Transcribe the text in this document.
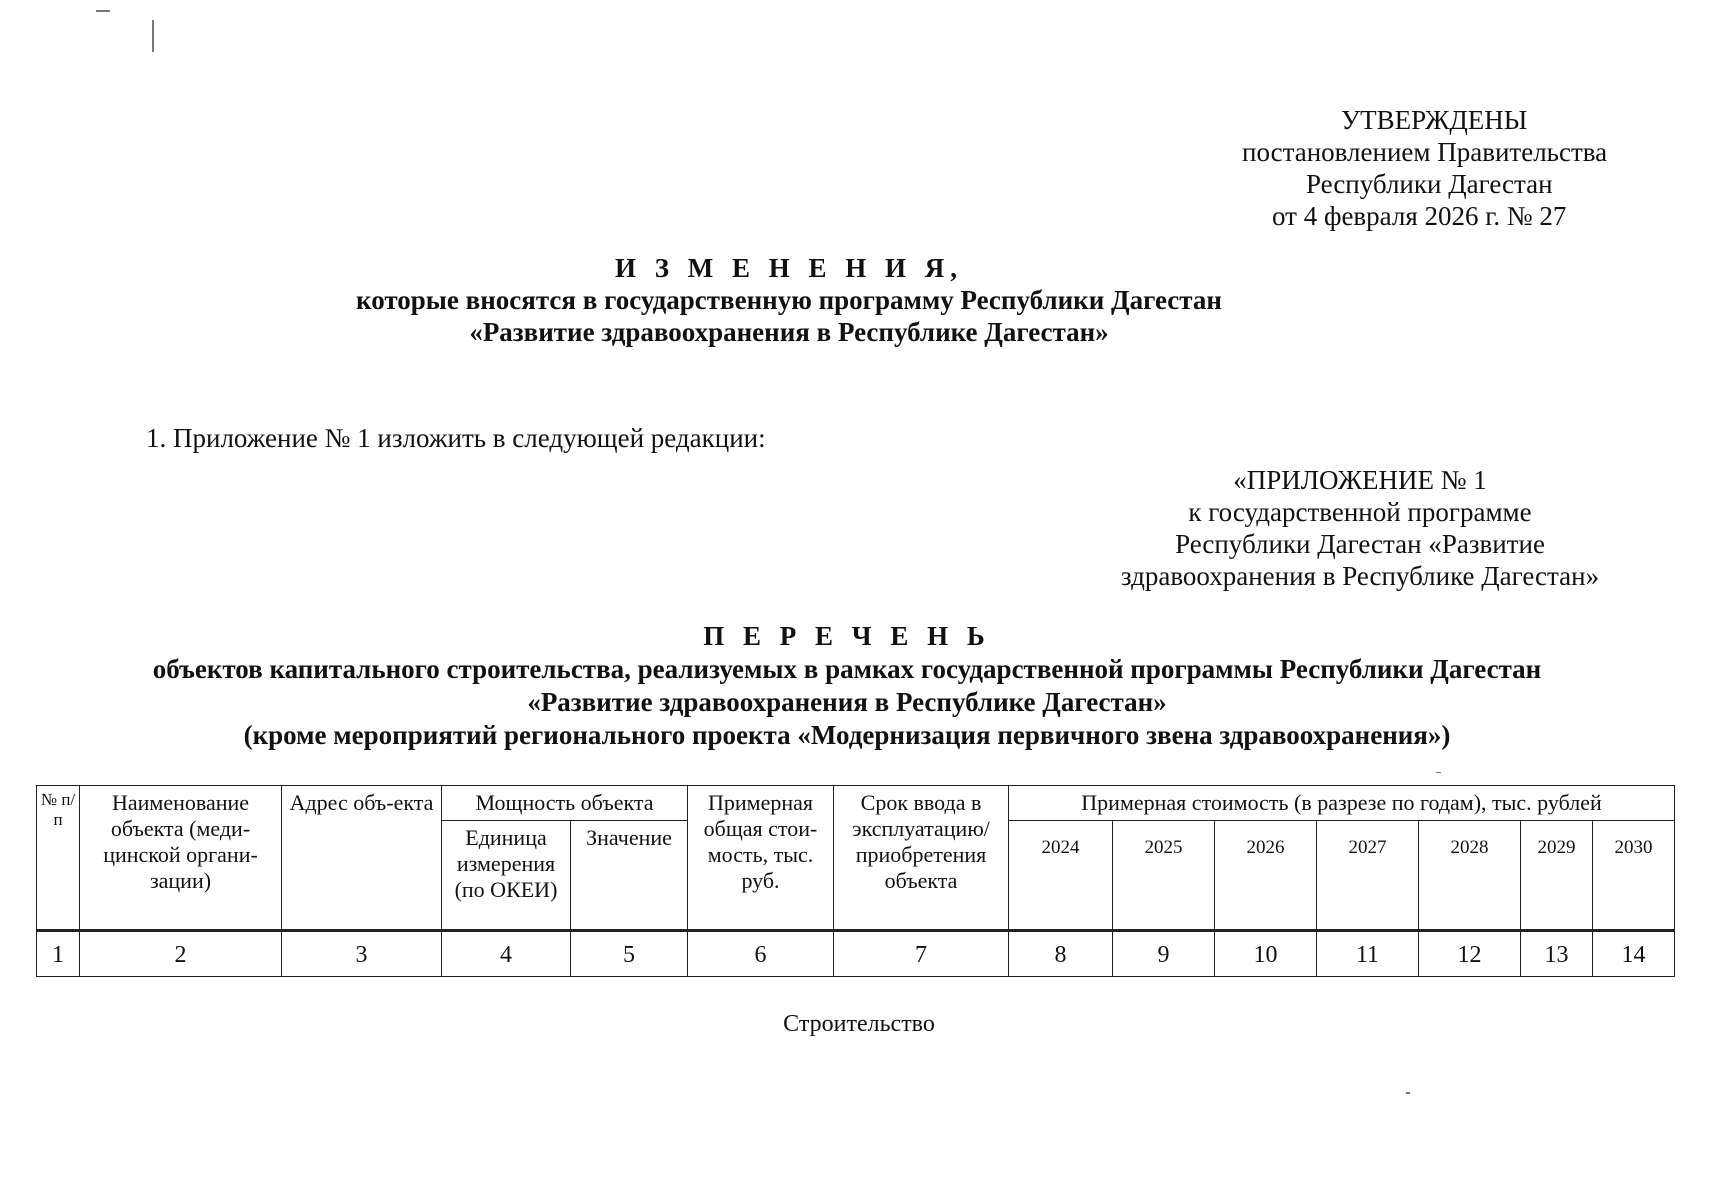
УТВЕРЖДЕНЫ
постановлением Правительства
Республики Дагестан
от 4 февраля 2026 г. № 27
И З М Е Н Е Н И Я,
которые вносятся в государственную программу Республики Дагестан
«Развитие здравоохранения в Республике Дагестан»
1. Приложение № 1 изложить в следующей редакции:
«ПРИЛОЖЕНИЕ № 1
к государственной программе
Республики Дагестан «Развитие
здравоохранения в Республике Дагестан»
П Е Р Е Ч Е Н Ь
объектов капитального строительства, реализуемых в рамках государственной программы Республики Дагестан
«Развитие здравоохранения в Республике Дагестан»
(кроме мероприятий регионального проекта «Модернизация первичного звена здравоохранения»)
№ п/п	Наименование объекта (меди-цинской органи-зации)	Адрес объ-екта	Мощность объекта		Примерная общая стои-мость, тыс. руб.	Срок ввода в эксплуатацию/ приобретения объекта	Примерная стоимость (в разрезе по годам), тыс. рублей						
			Единица измерения (по ОКЕИ)	Значение			2024	2025	2026	2027	2028	2029	2030
1	2	3	4	5	6	7	8	9	10	11	12	13	14
Строительство
